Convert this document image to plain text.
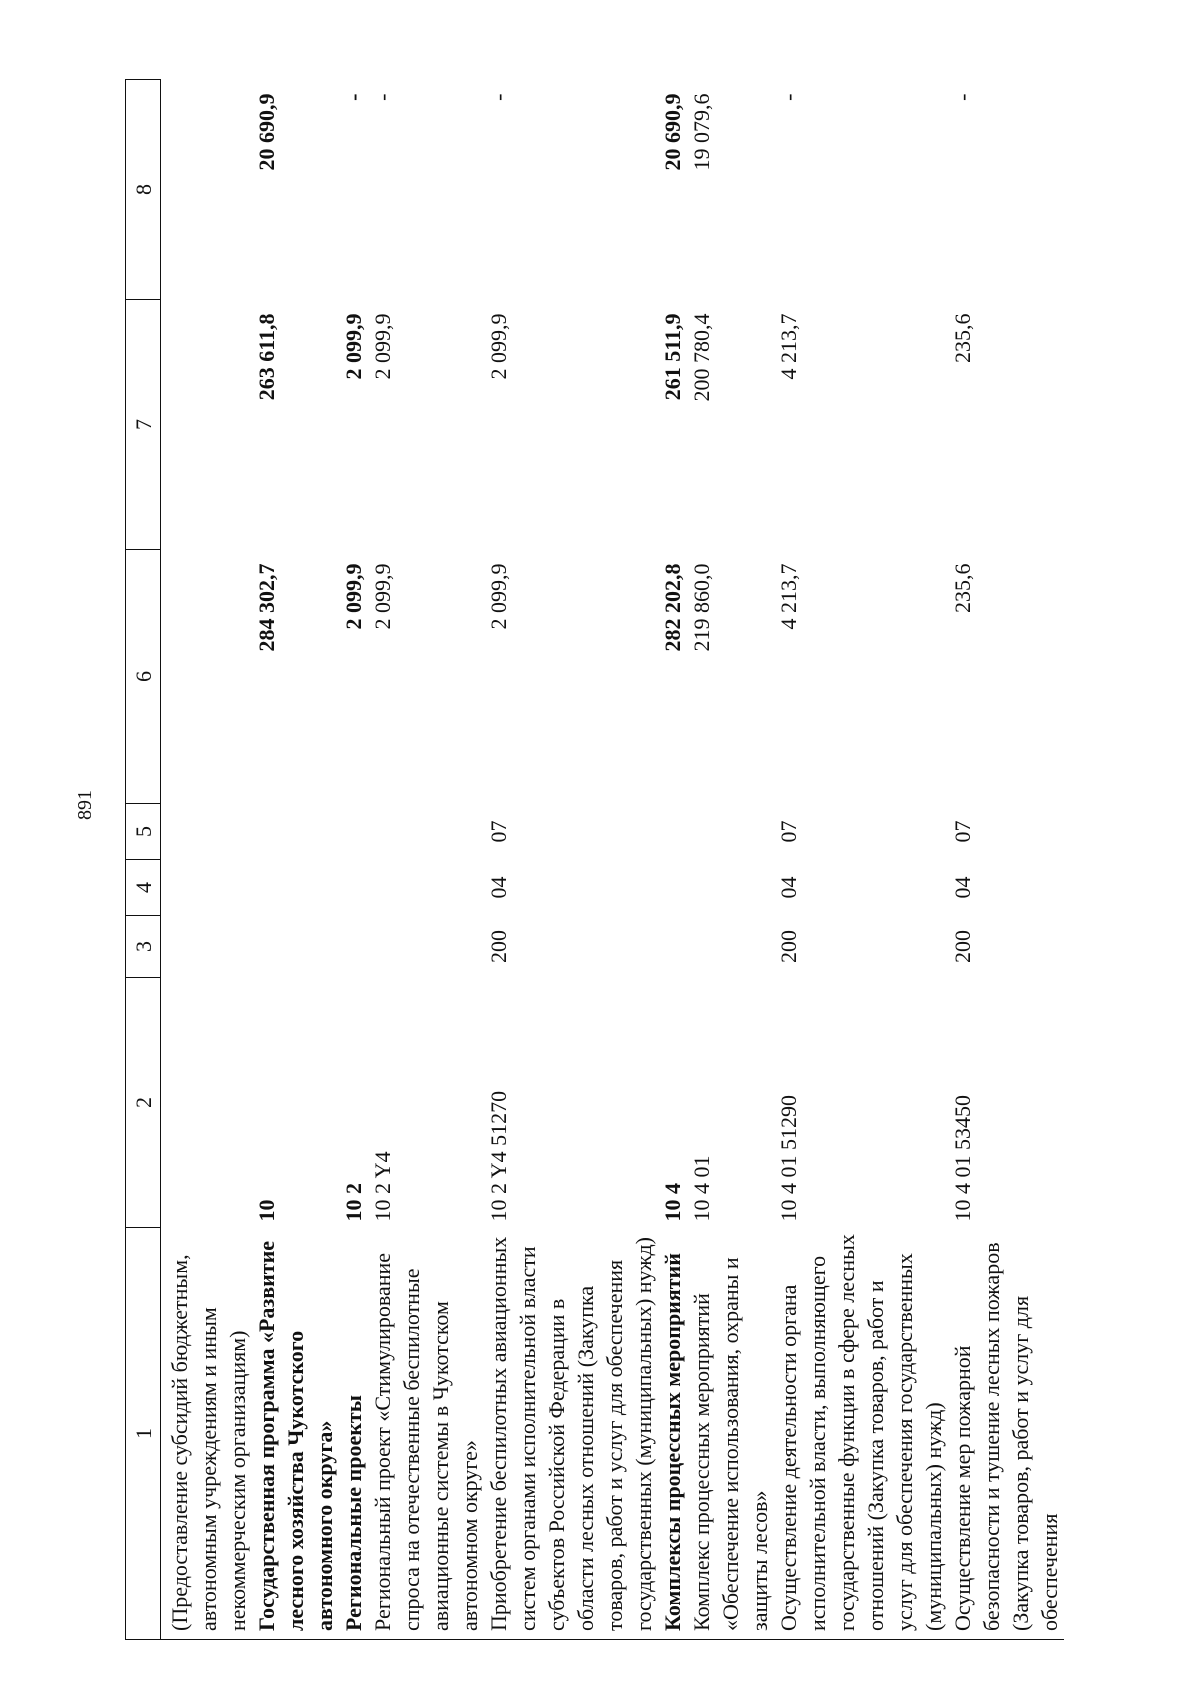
891
1	2	3	4	5	6	7	8
(Предоставление субсидий бюджетным, автономным учреждениям и иным некоммерческим организациям)							
Государственная программа «Развитие лесного хозяйства Чукотского автономного округа»	10				284 302,7	263 611,8	20 690,9
Региональные проекты	10 2				2 099,9	2 099,9	-
Региональный проект «Стимулирование спроса на отечественные беспилотные авиационные системы в Чукотском автономном округе»	10 2 Y4				2 099,9	2 099,9	-
Приобретение беспилотных авиационных систем органами исполнительной власти субъектов Российской Федерации в области лесных отношений (Закупка товаров, работ и услуг для обеспечения государственных (муниципальных) нужд)	10 2 Y4 51270	200	04	07	2 099,9	2 099,9	-
Комплексы процессных мероприятий	10 4				282 202,8	261 511,9	20 690,9
Комплекс процессных мероприятий «Обеспечение использования, охраны и защиты лесов»	10 4 01				219 860,0	200 780,4	19 079,6
Осуществление деятельности органа исполнительной власти, выполняющего государственные функции в сфере лесных отношений (Закупка товаров, работ и услуг для обеспечения государственных (муниципальных) нужд)	10 4 01 51290	200	04	07	4 213,7	4 213,7	-
Осуществление мер пожарной безопасности и тушение лесных пожаров (Закупка товаров, работ и услуг для обеспечения	10 4 01 53450	200	04	07	235,6	235,6	-
